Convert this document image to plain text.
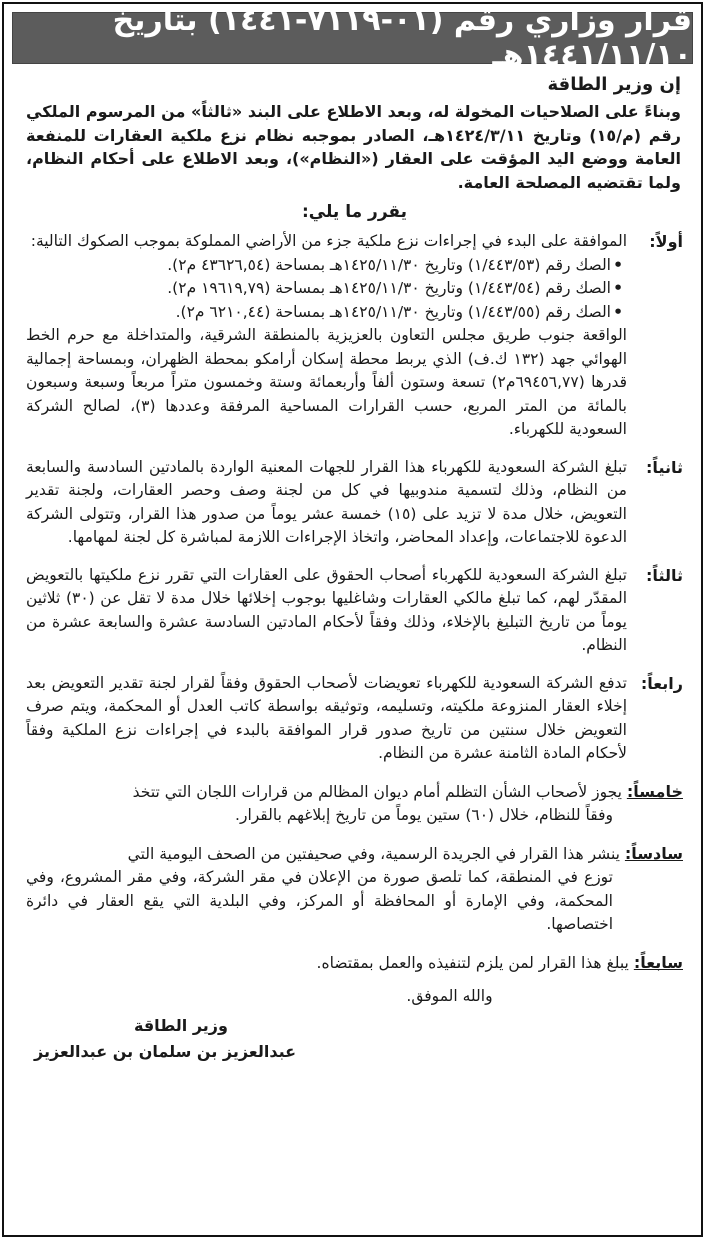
قرار وزاري رقم (٠١-٧١١٩-١٤٤١) بتاريخ ١٤٤١/١١/١٠هـ
إن وزير الطاقة

وبناءً على الصلاحيات المخولة له، وبعد الاطلاع على البند «ثالثاً» من المرسوم الملكي رقم (م/١٥) وتاريخ ١٤٢٤/٣/١١هـ، الصادر بموجبه نظام نزع ملكية العقارات للمنفعة العامة ووضع اليد المؤقت على العقار («النظام»)، وبعد الاطلاع على أحكام النظام، ولما تقتضيه المصلحة العامة.

يقرر ما يلي:
أولاً:

الموافقة على البدء في إجراءات نزع ملكية جزء من الأراضي المملوكة بموجب الصكوك التالية:

• الصك رقم (١/٤٤٣/٥٣) وتاريخ ١٤٢٥/١١/٣٠هـ بمساحة (٤٣٦٢٦,٥٤ م٢).
• الصك رقم (١/٤٤٣/٥٤) وتاريخ ١٤٢٥/١١/٣٠هـ بمساحة (١٩٦١٩,٧٩ م٢).
• الصك رقم (١/٤٤٣/٥٥) وتاريخ ١٤٢٥/١١/٣٠هـ بمساحة (٦٢١٠,٤٤ م٢).

الواقعة جنوب طريق مجلس التعاون بالعزيزية بالمنطقة الشرقية، والمتداخلة مع حرم الخط الهوائي جهد (١٣٢ ك.ف) الذي يربط محطة إسكان أرامكو بمحطة الظهران، وبمساحة إجمالية قدرها (٦٩٤٥٦,٧٧م٢) تسعة وستون ألفاً وأربعمائة وستة وخمسون متراً مربعاً وسبعة وسبعون بالمائة من المتر المربع، حسب القرارات المساحية المرفقة وعددها (٣)، لصالح الشركة السعودية للكهرباء.

ثانياً:

تبلغ الشركة السعودية للكهرباء هذا القرار للجهات المعنية الواردة بالمادتين السادسة والسابعة من النظام، وذلك لتسمية مندوبيها في كل من لجنة وصف وحصر العقارات، ولجنة تقدير التعويض، خلال مدة لا تزيد على (١٥) خمسة عشر يوماً من صدور هذا القرار، وتتولى الشركة الدعوة للاجتماعات، وإعداد المحاضر، واتخاذ الإجراءات اللازمة لمباشرة كل لجنة لمهامها.

ثالثاً:

تبلغ الشركة السعودية للكهرباء أصحاب الحقوق على العقارات التي تقرر نزع ملكيتها بالتعويض المقدّر لهم، كما تبلغ مالكي العقارات وشاغليها بوجوب إخلائها خلال مدة لا تقل عن (٣٠) ثلاثين يوماً من تاريخ التبليغ بالإخلاء، وذلك وفقاً لأحكام المادتين السادسة عشرة والسابعة عشرة من النظام.

رابعاً:

تدفع الشركة السعودية للكهرباء تعويضات لأصحاب الحقوق وفقاً لقرار لجنة تقدير التعويض بعد إخلاء العقار المنزوعة ملكيته، وتسليمه، وتوثيقه بواسطة كاتب العدل أو المحكمة، ويتم صرف التعويض خلال سنتين من تاريخ صدور قرار الموافقة بالبدء في إجراءات نزع الملكية وفقاً لأحكام المادة الثامنة عشرة من النظام.

خامساً: يجوز لأصحاب الشأن التظلم أمام ديوان المظالم من قرارات اللجان التي تتخذ
وفقاً للنظام، خلال (٦٠) ستين يوماً من تاريخ إبلاغهم بالقرار.

سادساً: ينشر هذا القرار في الجريدة الرسمية، وفي صحيفتين من الصحف اليومية التي
توزع في المنطقة، كما تلصق صورة من الإعلان في مقر الشركة، وفي مقر المشروع، وفي المحكمة، وفي الإمارة أو المحافظة أو المركز، وفي البلدية التي يقع العقار في دائرة اختصاصها.

سابعاً: يبلغ هذا القرار لمن يلزم لتنفيذه والعمل بمقتضاه.

والله الموفق.
وزير الطاقة
عبدالعزيز بن سلمان بن عبدالعزيز
